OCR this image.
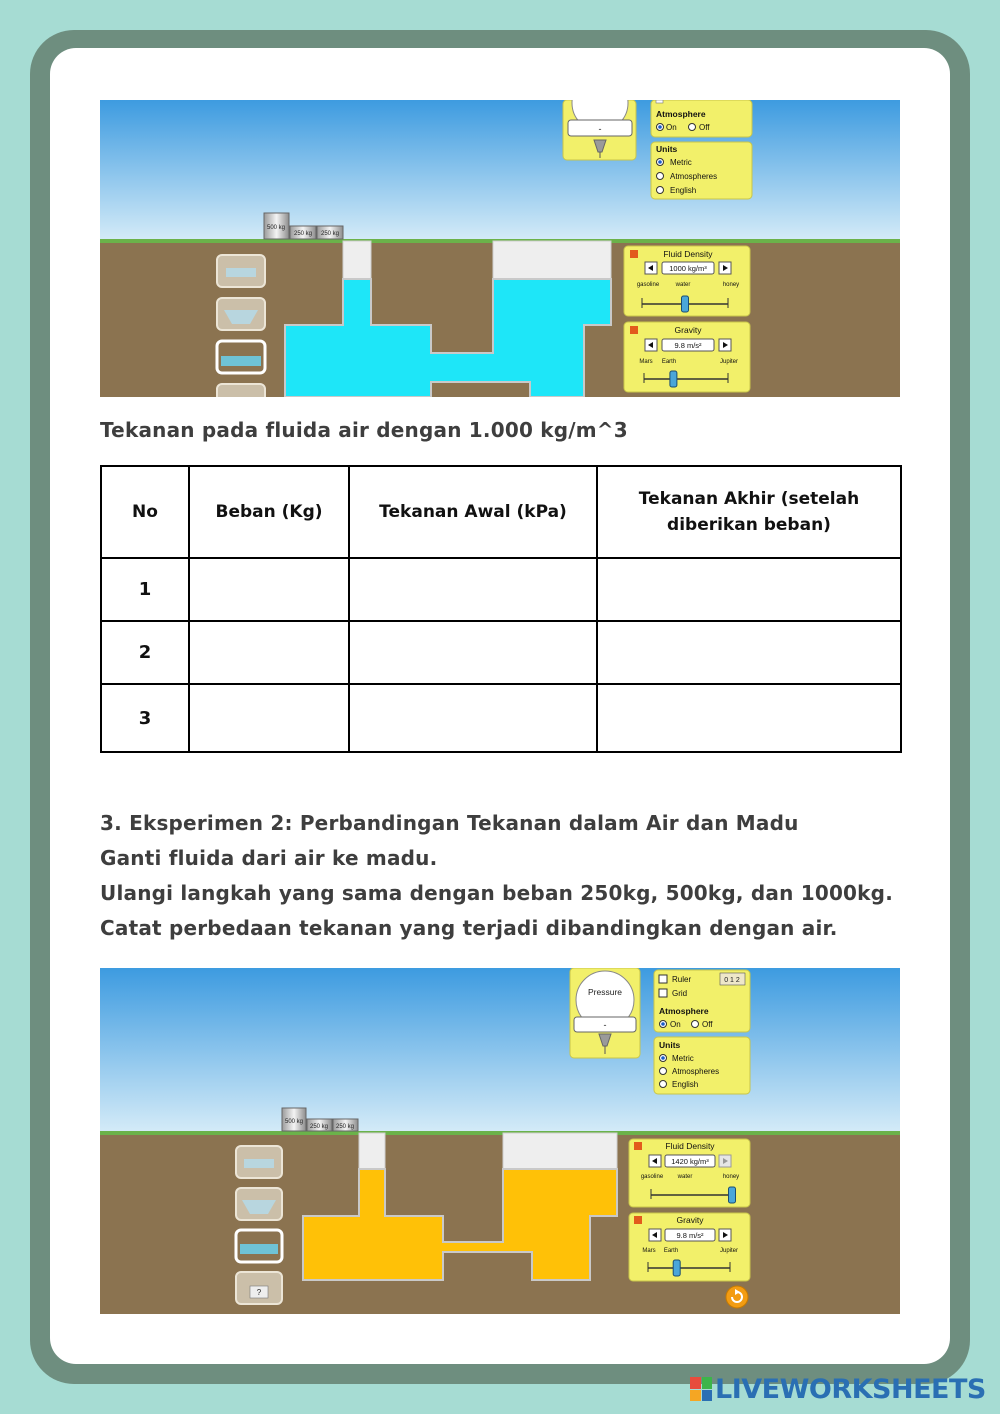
500 kg
250 kg 250 kg
-
Atmosphere
On	Off
Units
Metric
Atmospheres
English
Fluid Density
1000 kg/m³
gasoline	water	honey
Gravity
9.8 m/s²
Mars Earth	Jupiter
Tekanan pada fluida air dengan 1.000 kg/m^3
No	Beban (Kg)	Tekanan Awal (kPa)	Tekanan Akhir (setelah diberikan beban)
1			
2			
3			
3. Eksperimen 2: Perbandingan Tekanan dalam Air dan Madu
Ganti fluida dari air ke madu.
Ulangi langkah yang sama dengan beban 250kg, 500kg, dan 1000kg.
Catat perbedaan tekanan yang terjadi dibandingkan dengan air.
500 kg
250 kg 250 kg
?
Pressure
-
Ruler	0 1 2
Grid
Atmosphere
On	Off
Units
Metric
Atmospheres
English
Fluid Density
1420 kg/m³
gasoline water	honey
Gravity
9.8 m/s²
Mars Earth	Jupiter
LIVEWORKSHEETS
